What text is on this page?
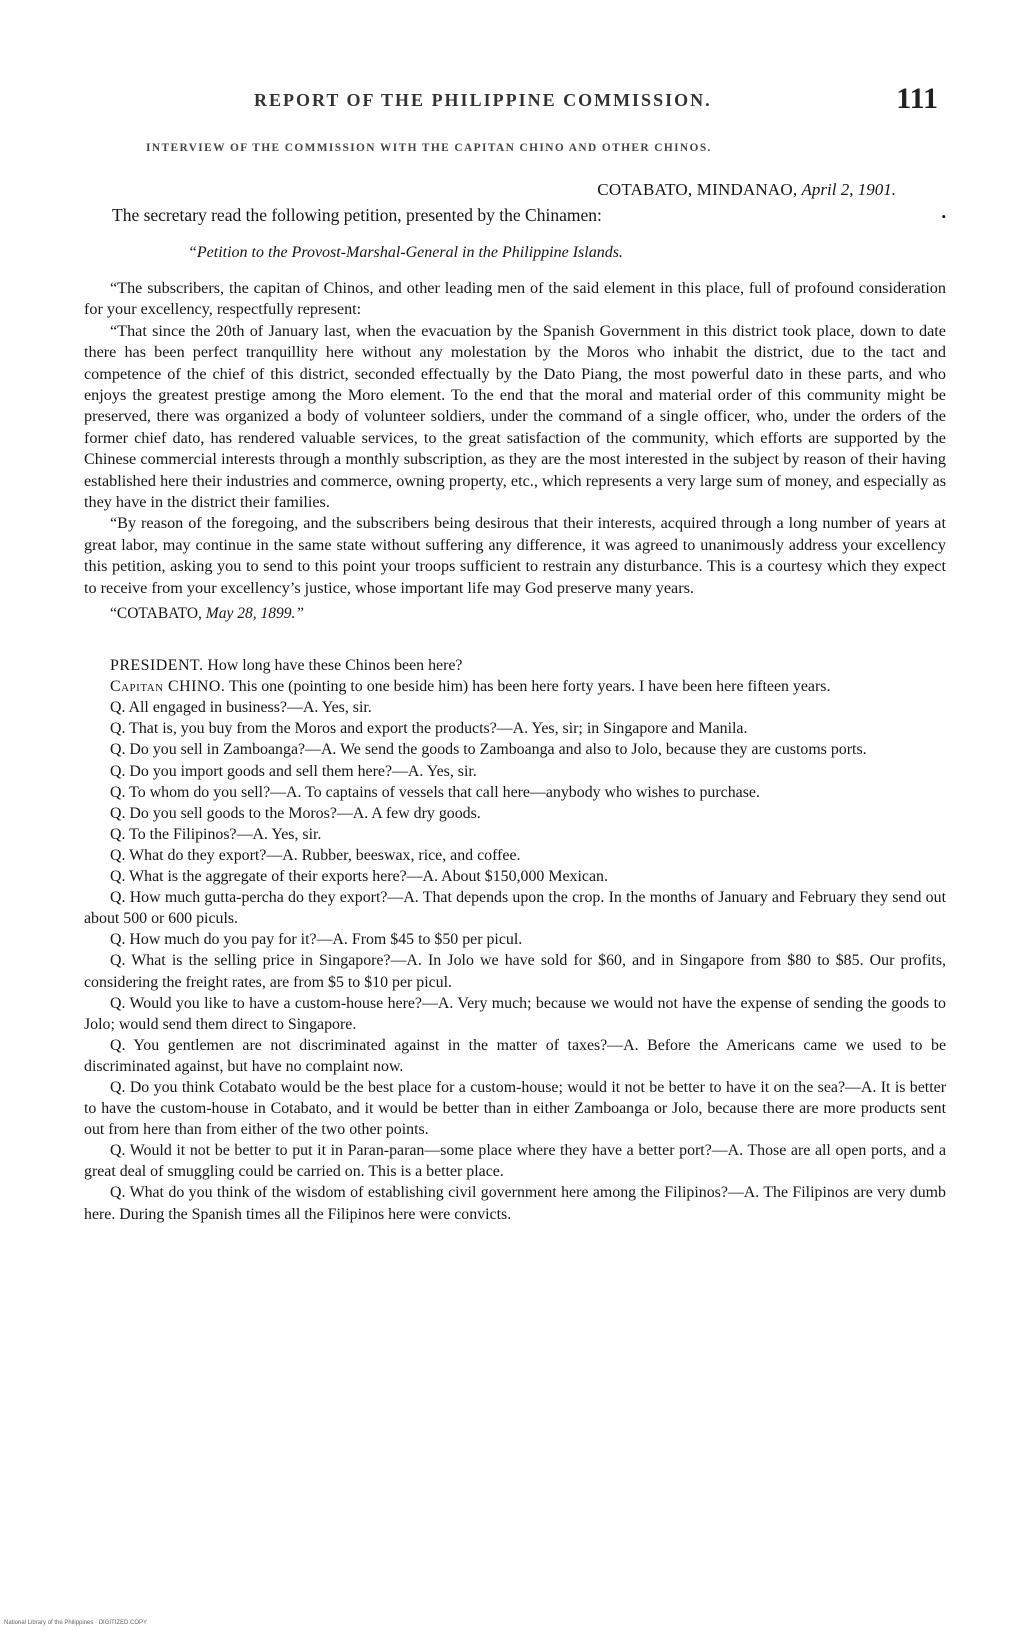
REPORT OF THE PHILIPPINE COMMISSION.	111
INTERVIEW OF THE COMMISSION WITH THE CAPITAN CHINO AND OTHER CHINOS.
COTABATO, MINDANAO, April 2, 1901.
The secretary read the following petition, presented by the Chinamen:	•
“Petition to the Provost-Marshal-General in the Philippine Islands.

“The subscribers, the capitan of Chinos, and other leading men of the said element in this place, full of profound consideration for your excellency, respectfully represent:

“That since the 20th of January last, when the evacuation by the Spanish Government in this district took place, down to date there has been perfect tranquillity here without any molestation by the Moros who inhabit the district, due to the tact and competence of the chief of this district, seconded effectually by the Dato Piang, the most powerful dato in these parts, and who enjoys the greatest prestige among the Moro element. To the end that the moral and material order of this community might be preserved, there was organized a body of volunteer soldiers, under the command of a single officer, who, under the orders of the former chief dato, has rendered valuable services, to the great satisfaction of the community, which efforts are supported by the Chinese commercial interests through a monthly subscription, as they are the most interested in the subject by reason of their having established here their industries and commerce, owning property, etc., which represents a very large sum of money, and especially as they have in the district their families.

“By reason of the foregoing, and the subscribers being desirous that their interests, acquired through a long number of years at great labor, may continue in the same state without suffering any difference, it was agreed to unanimously address your excellency this petition, asking you to send to this point your troops sufficient to restrain any disturbance. This is a courtesy which they expect to receive from your excellency’s justice, whose important life may God preserve many years.

“COTABATO, May 28, 1899.”

PRESIDENT. How long have these Chinos been here?

Capitan CHINO. This one (pointing to one beside him) has been here forty years. I have been here fifteen years.

Q. All engaged in business?—A. Yes, sir.

Q. That is, you buy from the Moros and export the products?—A. Yes, sir; in Singapore and Manila.

Q. Do you sell in Zamboanga?—A. We send the goods to Zamboanga and also to Jolo, because they are customs ports.

Q. Do you import goods and sell them here?—A. Yes, sir.

Q. To whom do you sell?—A. To captains of vessels that call here—anybody who wishes to purchase.

Q. Do you sell goods to the Moros?—A. A few dry goods.

Q. To the Filipinos?—A. Yes, sir.

Q. What do they export?—A. Rubber, beeswax, rice, and coffee.

Q. What is the aggregate of their exports here?—A. About $150,000 Mexican.

Q. How much gutta-percha do they export?—A. That depends upon the crop. In the months of January and February they send out about 500 or 600 piculs.

Q. How much do you pay for it?—A. From $45 to $50 per picul.

Q. What is the selling price in Singapore?—A. In Jolo we have sold for $60, and in Singapore from $80 to $85. Our profits, considering the freight rates, are from $5 to $10 per picul.

Q. Would you like to have a custom-house here?—A. Very much; because we would not have the expense of sending the goods to Jolo; would send them direct to Singapore.

Q. You gentlemen are not discriminated against in the matter of taxes?—A. Before the Americans came we used to be discriminated against, but have no complaint now.

Q. Do you think Cotabato would be the best place for a custom-house; would it not be better to have it on the sea?—A. It is better to have the custom-house in Cotabato, and it would be better than in either Zamboanga or Jolo, because there are more products sent out from here than from either of the two other points.

Q. Would it not be better to put it in Paran-paran—some place where they have a better port?—A. Those are all open ports, and a great deal of smuggling could be carried on. This is a better place.

Q. What do you think of the wisdom of establishing civil government here among the Filipinos?—A. The Filipinos are very dumb here. During the Spanish times all the Filipinos here were convicts.

National Library of the Philippines · DIGITIZED COPY
